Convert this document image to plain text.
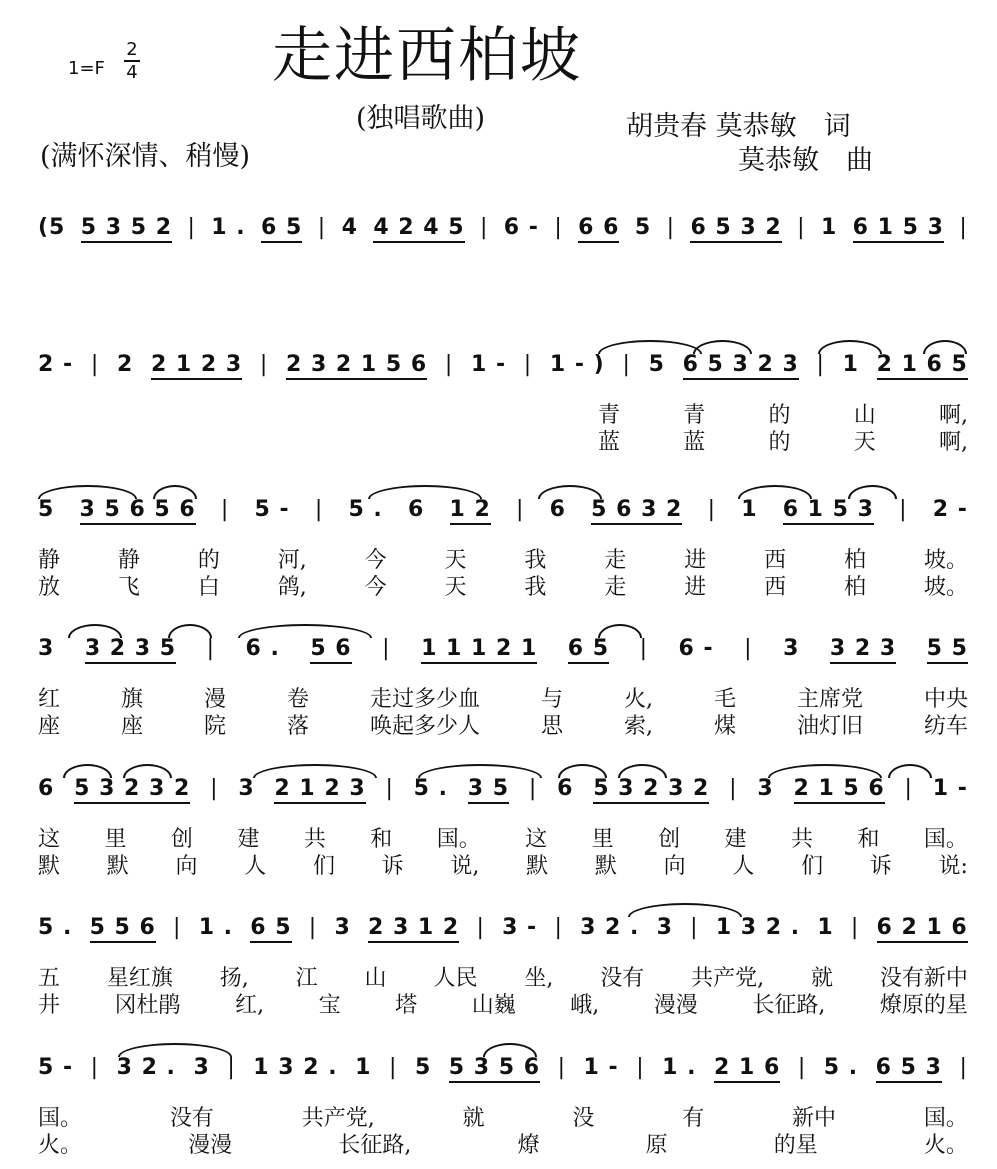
走进西柏坡
1=F
2
4
(独唱歌曲)	胡贵春 莫恭敏　词
莫恭敏　曲
(满怀深情、稍慢)
(5 5 3 5 2 | 1 . 6 5 | 4 4 2 4 5 | 6 - | 6 6 5 | 6 5 3 2 | 1 6 1 5 3 |
2 - | 2 2 1 2 3 | 2 3 2 1 5 6 | 1 - | 1 - ) | 5 6 5 3 2 3 | 1 2 1 6 5
青	青	的	山	啊,
蓝	蓝	的	天	啊,
5 3 5 6 5 6 | 5 - | 5 . 6 1 2 | 6 5 6 3 2 | 1 6 1 5 3 | 2 -
静	静	的	河,	今	天	我	走	进	西	柏	坡。
放	飞	白	鸽,	今	天	我	走	进	西	柏	坡。
3 3 2 3 5 | 6 . 5 6 | 1 1 1 2 1 6 5 | 6 - | 3 3 2 3 5 5
红	旗	漫	卷	走过多少血	与	火,	毛	主席党	中央
座	座	院	落	唤起多少人	思	索,	煤	油灯旧	纺车
6 5 3 2 3 2 | 3 2 1 2 3 | 5 . 3 5 | 6 5 3 2 3 2 | 3 2 1 5 6 | 1 -
这 里 创 建 共 和 国。 这 里 创 建 共 和 国。
默 默 向 人 们 诉 说, 默 默 向 人 们 诉 说:
5 . 5 5 6 | 1 . 6 5 | 3 2 3 1 2 | 3 - | 3 2 . 3 | 1 3 2 . 1 | 6 2 1 6
五 星红旗 扬, 江 山 人民 坐, 没有 共产党, 就 没有新中
井 冈杜鹃 红, 宝 塔 山巍 峨, 漫漫 长征路, 燎原的星
5 - | 3 2 . 3 | 1 3 2 . 1 | 5 5 3 5 6 | 1 - | 1 . 2 1 6 | 5 . 6 5 3 |
国。	没有	共产党,	就	没	有	新中	国。
火。	漫漫	长征路,	燎	原	的星	火。
